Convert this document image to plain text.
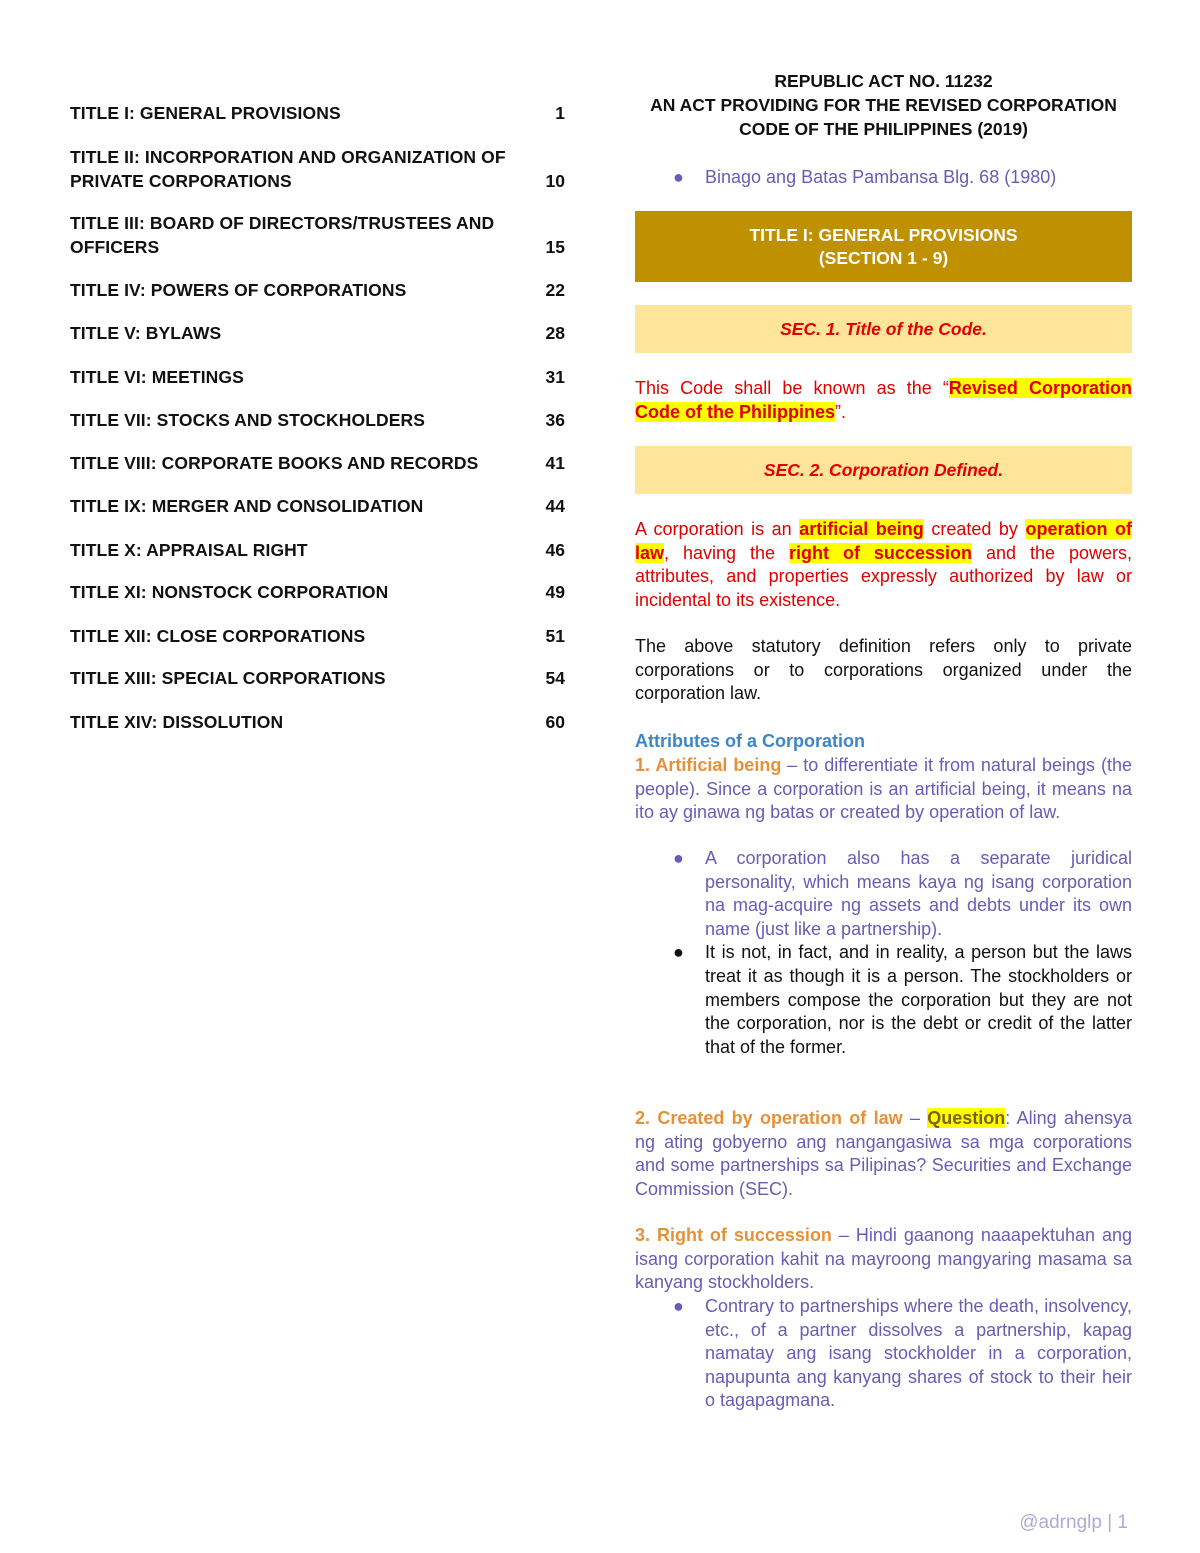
TITLE I: GENERAL PROVISIONS	1
TITLE II: INCORPORATION AND ORGANIZATION OF PRIVATE CORPORATIONS	10
TITLE III: BOARD OF DIRECTORS/TRUSTEES AND OFFICERS	15
TITLE IV: POWERS OF CORPORATIONS	22
TITLE V: BYLAWS	28
TITLE VI: MEETINGS	31
TITLE VII: STOCKS AND STOCKHOLDERS	36
TITLE VIII: CORPORATE BOOKS AND RECORDS	41
TITLE IX: MERGER AND CONSOLIDATION	44
TITLE X: APPRAISAL RIGHT	46
TITLE XI: NONSTOCK CORPORATION	49
TITLE XII: CLOSE CORPORATIONS	51
TITLE XIII: SPECIAL CORPORATIONS	54
TITLE XIV: DISSOLUTION	60
REPUBLIC ACT NO. 11232
AN ACT PROVIDING FOR THE REVISED CORPORATION
CODE OF THE PHILIPPINES (2019)
● Binago ang Batas Pambansa Blg. 68 (1980)
TITLE I: GENERAL PROVISIONS
(SECTION 1 - 9)
SEC. 1. Title of the Code.
This Code shall be known as the “Revised Corporation Code of the Philippines”.
SEC. 2. Corporation Defined.
A corporation is an artificial being created by operation of law, having the right of succession and the powers, attributes, and properties expressly authorized by law or incidental to its existence.
The above statutory definition refers only to private corporations or to corporations organized under the corporation law.
Attributes of a Corporation
1. Artificial being – to differentiate it from natural beings (the people). Since a corporation is an artificial being, it means na ito ay ginawa ng batas or created by operation of law.
● A corporation also has a separate juridical personality, which means kaya ng isang corporation na mag-acquire ng assets and debts under its own name (just like a partnership).
● It is not, in fact, and in reality, a person but the laws treat it as though it is a person. The stockholders or members compose the corporation but they are not the corporation, nor is the debt or credit of the latter that of the former.
2. Created by operation of law – Question: Aling ahensya ng ating gobyerno ang nangangasiwa sa mga corporations and some partnerships sa Pilipinas? Securities and Exchange Commission (SEC).
3. Right of succession – Hindi gaanong naaapektuhan ang isang corporation kahit na mayroong mangyaring masama sa kanyang stockholders.
● Contrary to partnerships where the death, insolvency, etc., of a partner dissolves a partnership, kapag namatay ang isang stockholder in a corporation, napupunta ang kanyang shares of stock to their heir o tagapagmana.
@adrnglp | 1
